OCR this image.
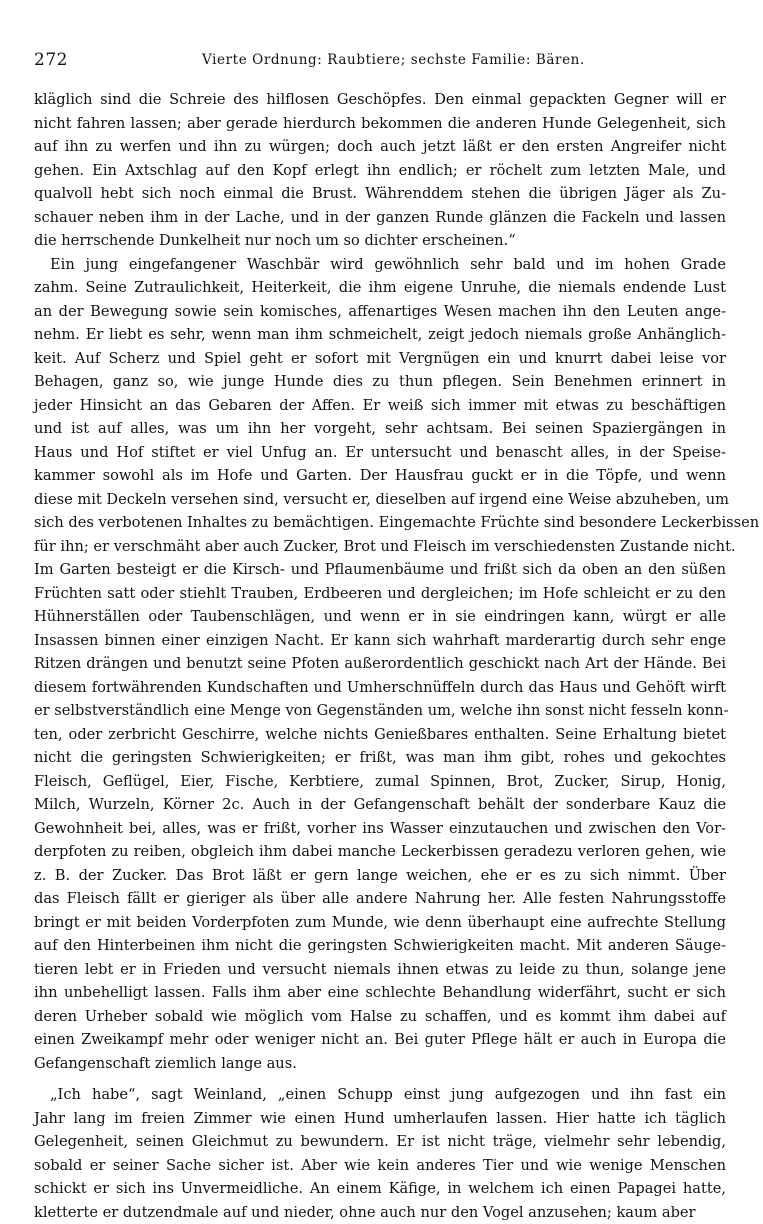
272	Vierte Ordnung: Raubtiere; sechste Familie: Bären.
kläglich sind die Schreie des hilflosen Geschöpfes. Den einmal gepackten Gegner will er
nicht fahren lassen; aber gerade hierdurch bekommen die anderen Hunde Gelegenheit, sich
auf ihn zu werfen und ihn zu würgen; doch auch jetzt läßt er den ersten Angreifer nicht
gehen. Ein Axtschlag auf den Kopf erlegt ihn endlich; er röchelt zum letzten Male, und
qualvoll hebt sich noch einmal die Brust. Währenddem stehen die übrigen Jäger als Zu-
schauer neben ihm in der Lache, und in der ganzen Runde glänzen die Fackeln und lassen
die herrschende Dunkelheit nur noch um so dichter erscheinen.“
Ein jung eingefangener Waschbär wird gewöhnlich sehr bald und im hohen Grade
zahm. Seine Zutraulichkeit, Heiterkeit, die ihm eigene Unruhe, die niemals endende Lust
an der Bewegung sowie sein komisches, affenartiges Wesen machen ihn den Leuten ange-
nehm. Er liebt es sehr, wenn man ihm schmeichelt, zeigt jedoch niemals große Anhänglich-
keit. Auf Scherz und Spiel geht er sofort mit Vergnügen ein und knurrt dabei leise vor
Behagen, ganz so, wie junge Hunde dies zu thun pflegen. Sein Benehmen erinnert in
jeder Hinsicht an das Gebaren der Affen. Er weiß sich immer mit etwas zu beschäftigen
und ist auf alles, was um ihn her vorgeht, sehr achtsam. Bei seinen Spaziergängen in
Haus und Hof stiftet er viel Unfug an. Er untersucht und benascht alles, in der Speise-
kammer sowohl als im Hofe und Garten. Der Hausfrau guckt er in die Töpfe, und wenn
diese mit Deckeln versehen sind, versucht er, dieselben auf irgend eine Weise abzuheben, um
sich des verbotenen Inhaltes zu bemächtigen. Eingemachte Früchte sind besondere Leckerbissen
für ihn; er verschmäht aber auch Zucker, Brot und Fleisch im verschiedensten Zustande nicht.
Im Garten besteigt er die Kirsch- und Pflaumenbäume und frißt sich da oben an den süßen
Früchten satt oder stiehlt Trauben, Erdbeeren und dergleichen; im Hofe schleicht er zu den
Hühnerställen oder Taubenschlägen, und wenn er in sie eindringen kann, würgt er alle
Insassen binnen einer einzigen Nacht. Er kann sich wahrhaft marderartig durch sehr enge
Ritzen drängen und benutzt seine Pfoten außerordentlich geschickt nach Art der Hände. Bei
diesem fortwährenden Kundschaften und Umherschnüffeln durch das Haus und Gehöft wirft
er selbstverständlich eine Menge von Gegenständen um, welche ihn sonst nicht fesseln konn-
ten, oder zerbricht Geschirre, welche nichts Genießbares enthalten. Seine Erhaltung bietet
nicht die geringsten Schwierigkeiten; er frißt, was man ihm gibt, rohes und gekochtes
Fleisch, Geflügel, Eier, Fische, Kerbtiere, zumal Spinnen, Brot, Zucker, Sirup, Honig,
Milch, Wurzeln, Körner 2c. Auch in der Gefangenschaft behält der sonderbare Kauz die
Gewohnheit bei, alles, was er frißt, vorher ins Wasser einzutauchen und zwischen den Vor-
derpfoten zu reiben, obgleich ihm dabei manche Leckerbissen geradezu verloren gehen, wie
z. B. der Zucker. Das Brot läßt er gern lange weichen, ehe er es zu sich nimmt. Über
das Fleisch fällt er gieriger als über alle andere Nahrung her. Alle festen Nahrungsstoffe
bringt er mit beiden Vorderpfoten zum Munde, wie denn überhaupt eine aufrechte Stellung
auf den Hinterbeinen ihm nicht die geringsten Schwierigkeiten macht. Mit anderen Säuge-
tieren lebt er in Frieden und versucht niemals ihnen etwas zu leide zu thun, solange jene
ihn unbehelligt lassen. Falls ihm aber eine schlechte Behandlung widerfährt, sucht er sich
deren Urheber sobald wie möglich vom Halse zu schaffen, und es kommt ihm dabei auf
einen Zweikampf mehr oder weniger nicht an. Bei guter Pflege hält er auch in Europa die
Gefangenschaft ziemlich lange aus.
„Ich habe“, sagt Weinland, „einen Schupp einst jung aufgezogen und ihn fast ein
Jahr lang im freien Zimmer wie einen Hund umherlaufen lassen. Hier hatte ich täglich
Gelegenheit, seinen Gleichmut zu bewundern. Er ist nicht träge, vielmehr sehr lebendig,
sobald er seiner Sache sicher ist. Aber wie kein anderes Tier und wie wenige Menschen
schickt er sich ins Unvermeidliche. An einem Käfige, in welchem ich einen Papagei hatte,
kletterte er dutzendmale auf und nieder, ohne auch nur den Vogel anzusehen; kaum aber
